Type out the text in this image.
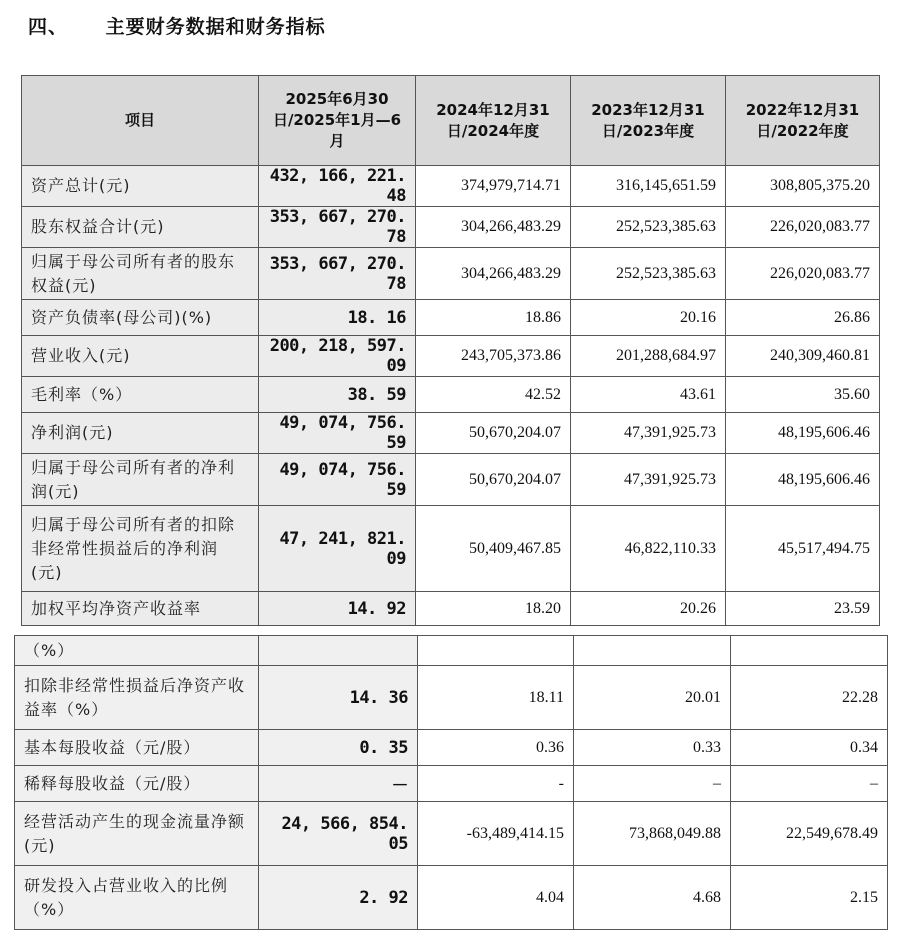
四、 主要财务数据和财务指标
项目	2025年6月30日/2025年1月—6月	2024年12月31日/2024年度	2023年12月31日/2023年度	2022年12月31日/2022年度
资产总计(元)	432, 166, 221. 48	374,979,714.71	316,145,651.59	308,805,375.20
股东权益合计(元)	353, 667, 270. 78	304,266,483.29	252,523,385.63	226,020,083.77
归属于母公司所有者的股东权益(元)	353, 667, 270. 78	304,266,483.29	252,523,385.63	226,020,083.77
资产负债率(母公司)(%)	18. 16	18.86	20.16	26.86
营业收入(元)	200, 218, 597. 09	243,705,373.86	201,288,684.97	240,309,460.81
毛利率（%）	38. 59	42.52	43.61	35.60
净利润(元)	49, 074, 756. 59	50,670,204.07	47,391,925.73	48,195,606.46
归属于母公司所有者的净利润(元)	49, 074, 756. 59	50,670,204.07	47,391,925.73	48,195,606.46
归属于母公司所有者的扣除非经常性损益后的净利润(元)	47, 241, 821. 09	50,409,467.85	46,822,110.33	45,517,494.75
加权平均净资产收益率	14. 92	18.20	20.26	23.59
（%）				
扣除非经常性损益后净资产收益率（%）	14. 36	18.11	20.01	22.28
基本每股收益（元/股）	0. 35	0.36	0.33	0.34
稀释每股收益（元/股）	－	-	–	–
经营活动产生的现金流量净额(元)	24, 566, 854. 05	-63,489,414.15	73,868,049.88	22,549,678.49
研发投入占营业收入的比例（%）	2. 92	4.04	4.68	2.15
